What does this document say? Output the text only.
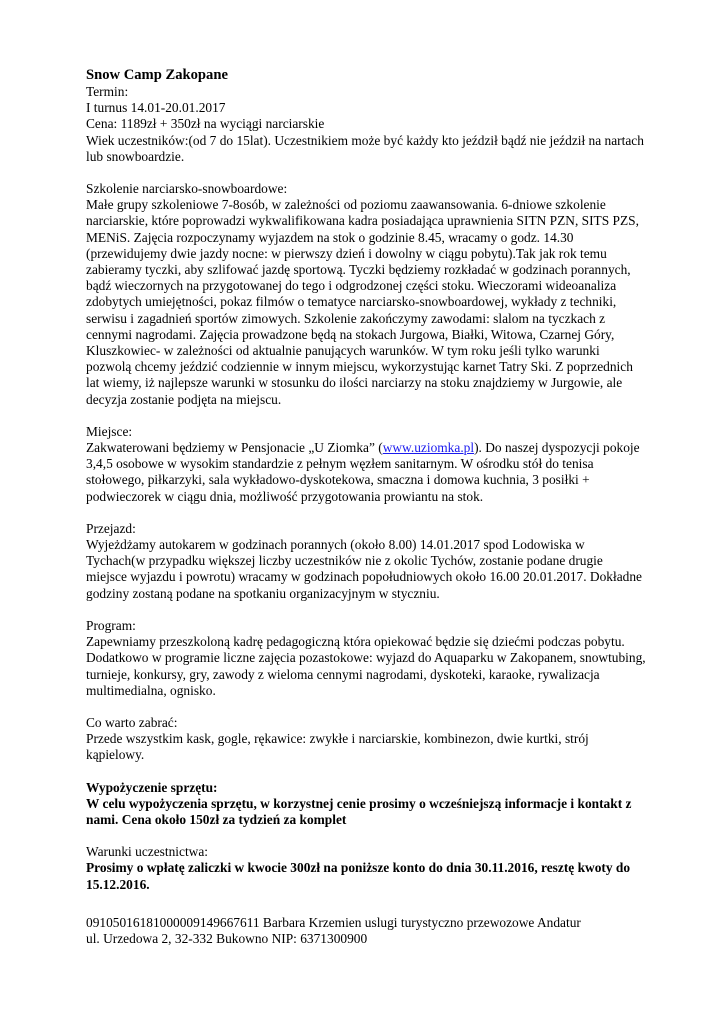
Snow Camp Zakopane

Termin:

I turnus 14.01-20.01.2017

Cena: 1189zł + 350zł na wyciągi narciarskie

Wiek uczestników:(od 7 do 15lat). Uczestnikiem może być każdy kto jeździł bądź nie jeździł na nartach lub snowboardzie.

Szkolenie narciarsko-snowboardowe:

Małe grupy szkoleniowe 7-8osób, w zależności od poziomu zaawansowania. 6-dniowe szkolenie narciarskie, które poprowadzi wykwalifikowana kadra posiadająca uprawnienia SITN PZN, SITS PZS, MENiS. Zajęcia rozpoczynamy wyjazdem na stok o godzinie 8.45, wracamy o godz. 14.30 (przewidujemy dwie jazdy nocne: w pierwszy dzień i dowolny w ciągu pobytu).Tak jak rok temu zabieramy tyczki, aby szlifować jazdę sportową. Tyczki będziemy rozkładać w godzinach porannych, bądź wieczornych na przygotowanej do tego i odgrodzonej części stoku. Wieczorami wideoanaliza zdobytych umiejętności, pokaz filmów o tematyce narciarsko-snowboardowej, wykłady z techniki, serwisu i zagadnień sportów zimowych. Szkolenie zakończymy zawodami: slalom na tyczkach z cennymi nagrodami. Zajęcia prowadzone będą na stokach Jurgowa, Białki, Witowa, Czarnej Góry, Kluszkowiec- w zależności od aktualnie panujących warunków. W tym roku jeśli tylko warunki pozwolą chcemy jeździć codziennie w innym miejscu, wykorzystując karnet Tatry Ski. Z poprzednich lat wiemy, iż najlepsze warunki w stosunku do ilości narciarzy na stoku znajdziemy w Jurgowie, ale decyzja zostanie podjęta na miejscu.

Miejsce:

Zakwaterowani będziemy w Pensjonacie „U Ziomka” (www.uziomka.pl). Do naszej dyspozycji pokoje 3,4,5 osobowe w wysokim standardzie z pełnym węzłem sanitarnym. W ośrodku stół do tenisa stołowego, piłkarzyki, sala wykładowo-dyskotekowa, smaczna i domowa kuchnia, 3 posiłki + podwieczorek w ciągu dnia, możliwość przygotowania prowiantu na stok.

Przejazd:

Wyjeżdżamy autokarem w godzinach porannych (około 8.00) 14.01.2017 spod Lodowiska w Tychach(w przypadku większej liczby uczestników nie z okolic Tychów, zostanie podane drugie miejsce wyjazdu i powrotu) wracamy w godzinach popołudniowych około 16.00 20.01.2017. Dokładne godziny zostaną podane na spotkaniu organizacyjnym w styczniu.

Program:

Zapewniamy przeszkoloną kadrę pedagogiczną która opiekować będzie się dziećmi podczas pobytu. Dodatkowo w programie liczne zajęcia pozastokowe: wyjazd do Aquaparku w Zakopanem, snowtubing, turnieje, konkursy, gry, zawody z wieloma cennymi nagrodami, dyskoteki, karaoke, rywalizacja multimedialna, ognisko.

Co warto zabrać:

Przede wszystkim kask, gogle, rękawice: zwykłe i narciarskie, kombinezon, dwie kurtki, strój kąpielowy.

Wypożyczenie sprzętu:

W celu wypożyczenia sprzętu, w korzystnej cenie prosimy o wcześniejszą informacje i kontakt z nami. Cena około 150zł za tydzień za komplet

Warunki uczestnictwa:

Prosimy o wpłatę zaliczki w kwocie 300zł na poniższe konto do dnia 30.11.2016, resztę kwoty do 15.12.2016.

09105016181000009149667611 Barbara Krzemien uslugi turystyczno przewozowe Andatur

ul. Urzedowa 2, 32-332 Bukowno NIP: 6371300900
